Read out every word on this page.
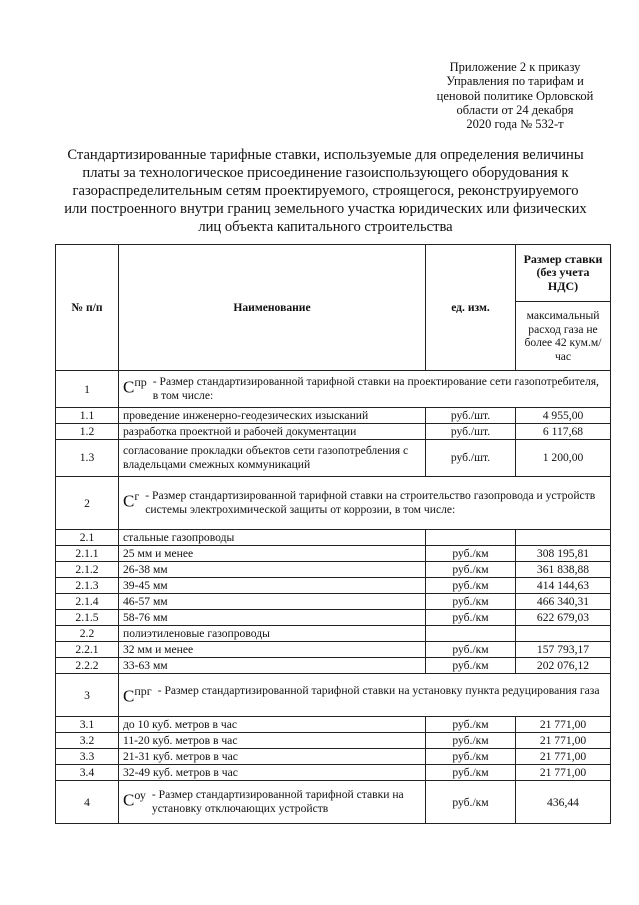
Приложение 2 к приказу
Управления по тарифам и
ценовой политике Орловской
области от 24 декабря
2020 года № 532-т
Стандартизированные тарифные ставки, используемые для определения величины
платы за технологическое присоединение газоиспользующего оборудования к
газораспределительным сетям проектируемого, строящегося, реконструируемого
или построенного внутри границ земельного участка юридических или физических
лиц объекта капитального строительства
№ п/п	Наименование	ед. изм.	Размер ставки (без учета НДС)
			максимальный расход газа не более 42 кум.м/час
1	$C^{пр}$ - Размер стандартизированной тарифной ставки на проектирование сети газопотребителя, в том числе:		

1.1	проведение инженерно-геодезических изысканий	руб./шт.	4 955,00
1.2	разработка проектной и рабочей документации	руб./шт.	6 117,68
1.3	согласование прокладки объектов сети газопотребления с владельцами смежных коммуникаций	руб./шт.	1 200,00
2	$C^г$ - Размер стандартизированной тарифной ставки на строительство газопровода и устройств системы электрохимической защиты от коррозии, в том числе:		

2.1	стальные газопроводы		
2.1.1	25 мм и менее	руб./км	308 195,81
2.1.2	26-38 мм	руб./км	361 838,88
2.1.3	39-45 мм	руб./км	414 144,63
2.1.4	46-57 мм	руб./км	466 340,31
2.1.5	58-76 мм	руб./км	622 679,03
2.2	полиэтиленовые газопроводы		
2.2.1	32 мм и менее	руб./км	157 793,17
2.2.2	33-63 мм	руб./км	202 076,12
3	$C^{прг}$ - Размер стандартизированной тарифной ставки на установку пункта редуцирования газа		

3.1	до 10 куб. метров в час	руб./км	21 771,00
3.2	11-20 куб. метров в час	руб./км	21 771,00
3.3	21-31 куб. метров в час	руб./км	21 771,00
3.4	32-49 куб. метров в час	руб./км	21 771,00
4	$C^{оу}$ - Размер стандартизированной тарифной ставки на установку отключающих устройств	руб./км	436,44
